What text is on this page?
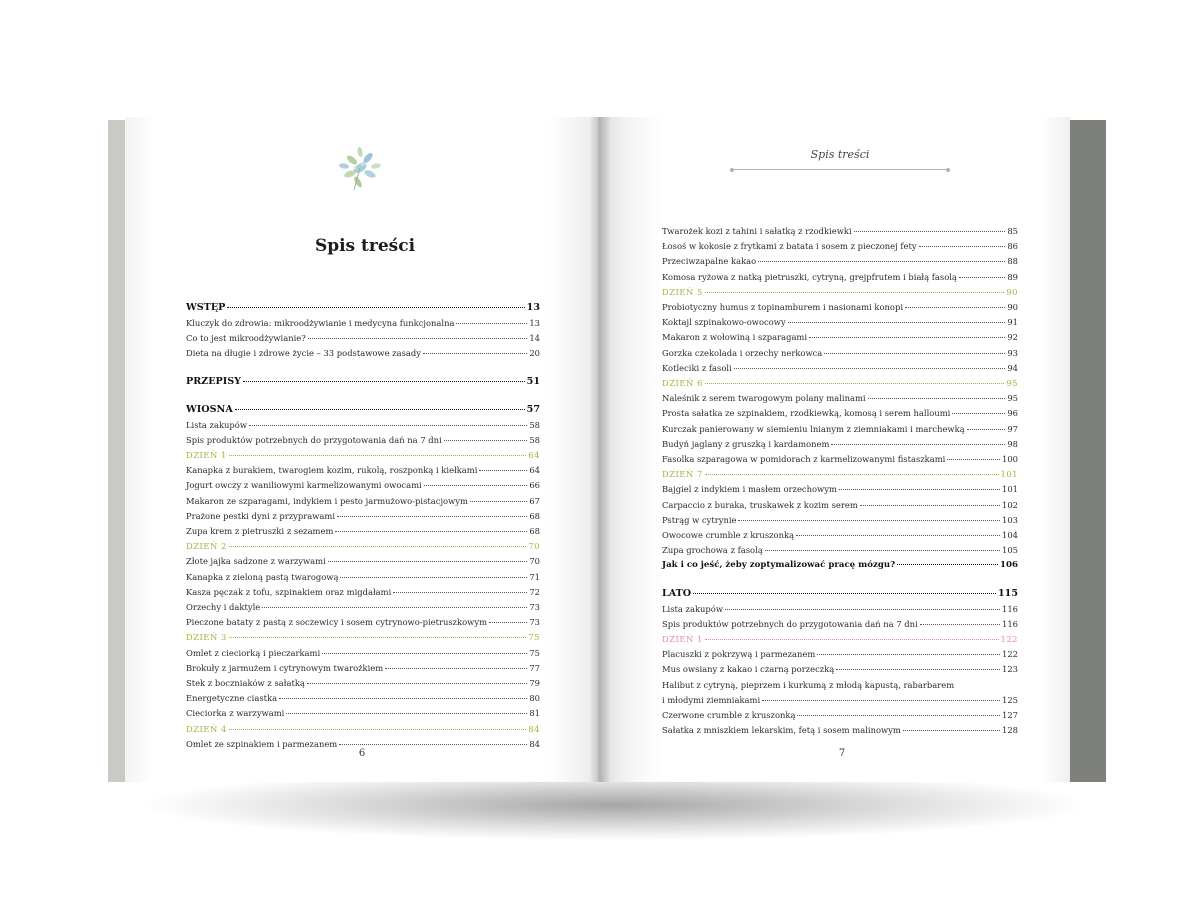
Spis treści
Spis treści
WSTĘP	13
Kluczyk do zdrowia: mikroodżywianie i medycyna funkcjonalna	13
Co to jest mikroodżywianie?	14
Dieta na długie i zdrowe życie – 33 podstawowe zasady	20
PRZEPISY	51
WIOSNA	57
Lista zakupów	58
Spis produktów potrzebnych do przygotowania dań na 7 dni	58
DZIEŃ 1	64
Kanapka z burakiem, twarogiem kozim, rukolą, roszponką i kiełkami	64
Jogurt owczy z waniliowymi karmelizowanymi owocami	66
Makaron ze szparagami, indykiem i pesto jarmużowo-pistacjowym	67
Prażone pestki dyni z przyprawami	68
Zupa krem z pietruszki z sezamem	68
DZIEŃ 2	70
Złote jajka sadzone z warzywami	70
Kanapka z zieloną pastą twarogową	71
Kasza pęczak z tofu, szpinakiem oraz migdałami	72
Orzechy i daktyle	73
Pieczone bataty z pastą z soczewicy i sosem cytrynowo-pietruszkowym	73
DZIEŃ 3	75
Omlet z cieciorką i pieczarkami	75
Brokuły z jarmużem i cytrynowym twarożkiem	77
Stek z boczniaków z sałatką	79
Energetyczne ciastka	80
Cieciorka z warzywami	81
DZIEŃ 4	84
Omlet ze szpinakiem i parmezanem	84
Twarożek kozi z tahini i sałatką z rzodkiewki	85
Łosoś w kokosie z frytkami z batata i sosem z pieczonej fety	86
Przeciwzapalne kakao	88
Komosa ryżowa z natką pietruszki, cytryną, grejpfrutem i białą fasolą	89
DZIEŃ 5	90
Probiotyczny humus z topinamburem i nasionami konopi	90
Koktajl szpinakowo-owocowy	91
Makaron z wołowiną i szparagami	92
Gorzka czekolada i orzechy nerkowca	93
Kotleciki z fasoli	94
DZIEŃ 6	95
Naleśnik z serem twarogowym polany malinami	95
Prosta sałatka ze szpinakiem, rzodkiewką, komosą i serem halloumi	96
Kurczak panierowany w siemieniu lnianym z ziemniakami i marchewką	97
Budyń jaglany z gruszką i kardamonem	98
Fasolka szparagowa w pomidorach z karmelizowanymi fistaszkami	100
DZIEŃ 7	101
Bajgiel z indykiem i masłem orzechowym	101
Carpaccio z buraka, truskawek z kozim serem	102
Pstrąg w cytrynie	103
Owocowe crumble z kruszonką	104
Zupa grochowa z fasolą	105
Jak i co jeść, żeby zoptymalizować pracę mózgu?	106
LATO	115
Lista zakupów	116
Spis produktów potrzebnych do przygotowania dań na 7 dni	116
DZIEŃ 1	122
Placuszki z pokrzywą i parmezanem	122
Mus owsiany z kakao i czarną porzeczką	123
Halibut z cytryną, pieprzem i kurkumą z młodą kapustą, rabarbarem
i młodymi ziemniakami	125
Czerwone crumble z kruszonką	127
Sałatka z mniszkiem lekarskim, fetą i sosem malinowym	128
6	7
